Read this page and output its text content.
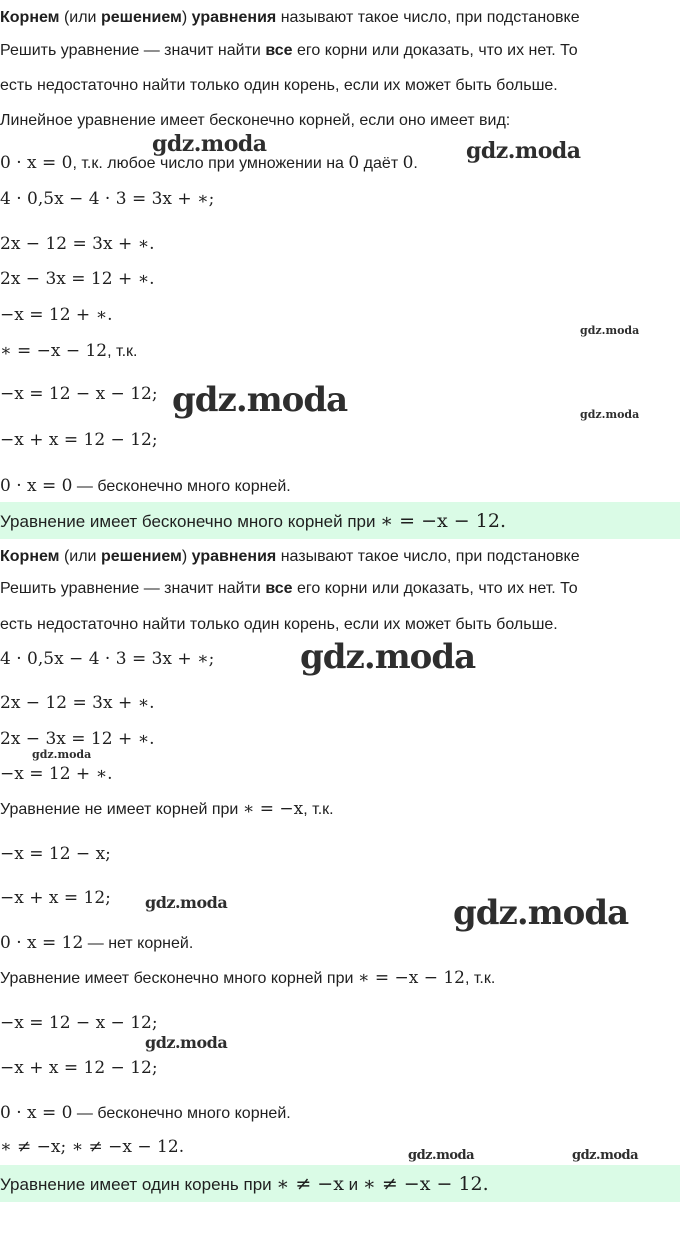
Корнем (или решением) уравнения называют такое число, при подстановке
Решить уравнение — значит найти все его корни или доказать, что их нет. То
есть недостаточно найти только один корень, если их может быть больше.
Линейное уравнение имеет бесконечно корней, если оно имеет вид:
0 · x = 0, т.к. любое число при умножении на 0 даёт 0.
4 · 0,5x − 4 · 3 = 3x + ∗;
2x − 12 = 3x + ∗.
2x − 3x = 12 + ∗.
−x = 12 + ∗.
∗ = −x − 12, т.к.
−x = 12 − x − 12;
−x + x = 12 − 12;
0 · x = 0 — бесконечно много корней.
Уравнение имеет бесконечно много корней при ∗ = −x − 12.
Корнем (или решением) уравнения называют такое число, при подстановке
Решить уравнение — значит найти все его корни или доказать, что их нет. То
есть недостаточно найти только один корень, если их может быть больше.
4 · 0,5x − 4 · 3 = 3x + ∗;
2x − 12 = 3x + ∗.
2x − 3x = 12 + ∗.
−x = 12 + ∗.
Уравнение не имеет корней при ∗ = −x, т.к.
−x = 12 − x;
−x + x = 12;
0 · x = 12 — нет корней.
Уравнение имеет бесконечно много корней при ∗ = −x − 12, т.к.
−x = 12 − x − 12;
−x + x = 12 − 12;
0 · x = 0 — бесконечно много корней.
∗ ≠ −x; ∗ ≠ −x − 12.
Уравнение имеет один корень при ∗ ≠ −x и ∗ ≠ −x − 12.
gdz.moda	gdz.moda
gdz.moda
gdz.moda	gdz.moda
gdz.moda
gdz.moda
gdz.moda	gdz.moda
gdz.moda
gdz.moda	gdz.moda
